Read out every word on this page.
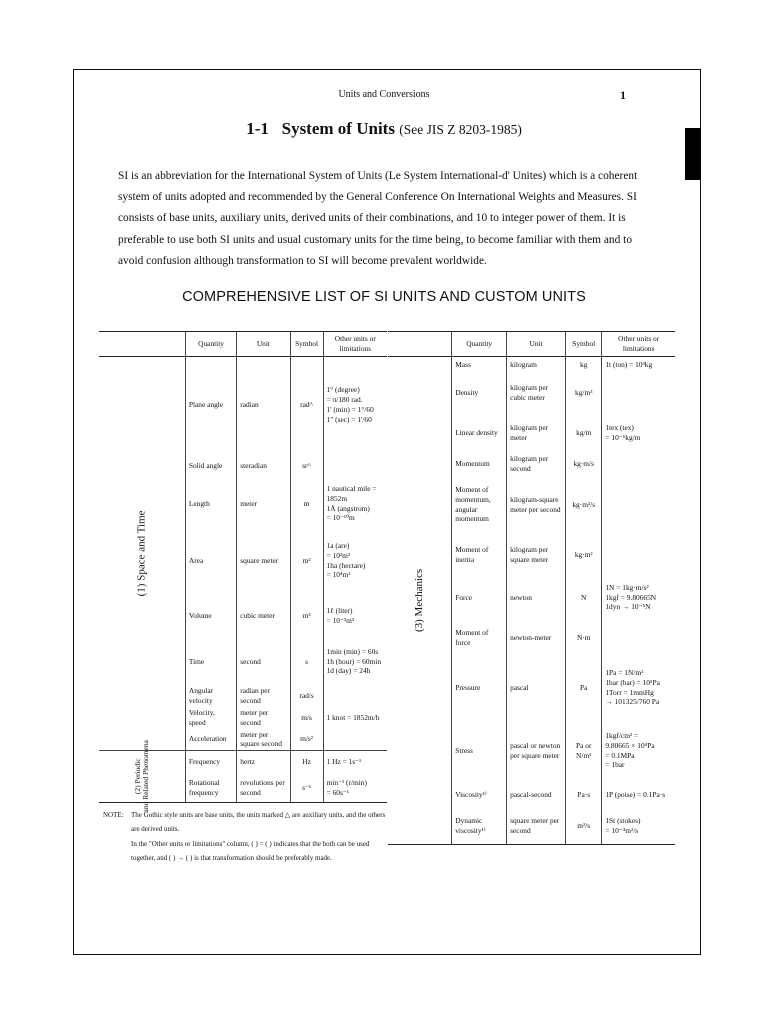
Units and Conversions	1
1-1 System of Units (See JIS Z 8203-1985)
SI is an abbreviation for the International System of Units (Le System International-d' Unites) which is a coherent system of units adopted and recommended by the General Conference On International Weights and Measures. SI consists of base units, auxiliary units, derived units of their combinations, and 10 to integer power of them. It is preferable to use both SI units and usual customary units for the time being, to become familiar with them and to avoid confusion although transformation to SI will become prevalent worldwide.
COMPREHENSIVE LIST OF SI UNITS AND CUSTOM UNITS
	Quantity	Unit	Symbol	Other units or limitations
(1) Space and Time	Plane angle	radian	rad^	1° (degree)
= π/180 rad.
1' (min) = 1°/60
1" (sec) = 1'/60
	Solid angle	steradian	sr^	
	Length	meter	m	1 nautical mile = 1852m
1Å (angstrom)
= 10⁻¹⁰m
	Area	square meter	m²	1a (are)
= 10²m²
1ha (hectare)
= 10⁴m²
	Volume	cubic meter	m³	1ℓ (liter)
= 10⁻³m³
	Time	second	s	1min (min) = 60s
1h (hour) = 60min
1d (day) = 24h
	Angular velocity	radian per second	rad/s	
	Velocity, speed	meter per second	m/s	1 knot = 1852m/h
	Acceleration	meter per square second	m/s²	
(2) Periodic
and Related Phenomena	Frequency	hertz	Hz	1 Hz = 1s⁻¹
	Rotational frequency	revolutions per second	s⁻¹	min⁻¹ (r/min)
= 60s⁻¹
	Quantity	Unit	Symbol	Other units or limitations
(3) Mechanics	Mass	kilogram	kg	1t (ton) = 10³kg
	Density	kilogram per cubic meter	kg/m³	
	Linear density	kilogram per meter	kg/m	1tex (tex)
= 10⁻⁶kg/m
	Momentum	kilogram per second	kg·m/s	
	Moment of momentum, angular momentum	kilogram-square meter per second	kg·m²/s	
	Moment of inertia	kilogram per square meter	kg·m²	
	Force	newton	N	1N = 1kg·m/s²
1kgf = 9.80665N
1dyn → 10⁻⁵N
	Moment of force	newton-meter	N·m	
	Pressure	pascal	Pa	1Pa = 1N/m²
1bar (bar) = 10⁵Pa
1Torr = 1mmHg
→ 101325/760 Pa
	Stress	pascal or newton per square meter	Pa or N/m²	1kgf/cm² =
9.80665 × 10⁴Pa
= 0.1MPa
= 1bar
	Viscosity¹⁾	pascal-second	Pa·s	1P (poise) = 0.1Pa·s
	Dynamic viscosity¹⁾	square meter per second	m²/s	1St (stokes)
= 10⁻⁴m²/s
NOTE: The Gothic style units are base units, the units marked △ are auxiliary units, and the others are derived units.
In the "Other units or limitations" column, ( ) = ( ) indicates that the both can be used together, and ( ) → ( ) is that transformation should be preferably made.
